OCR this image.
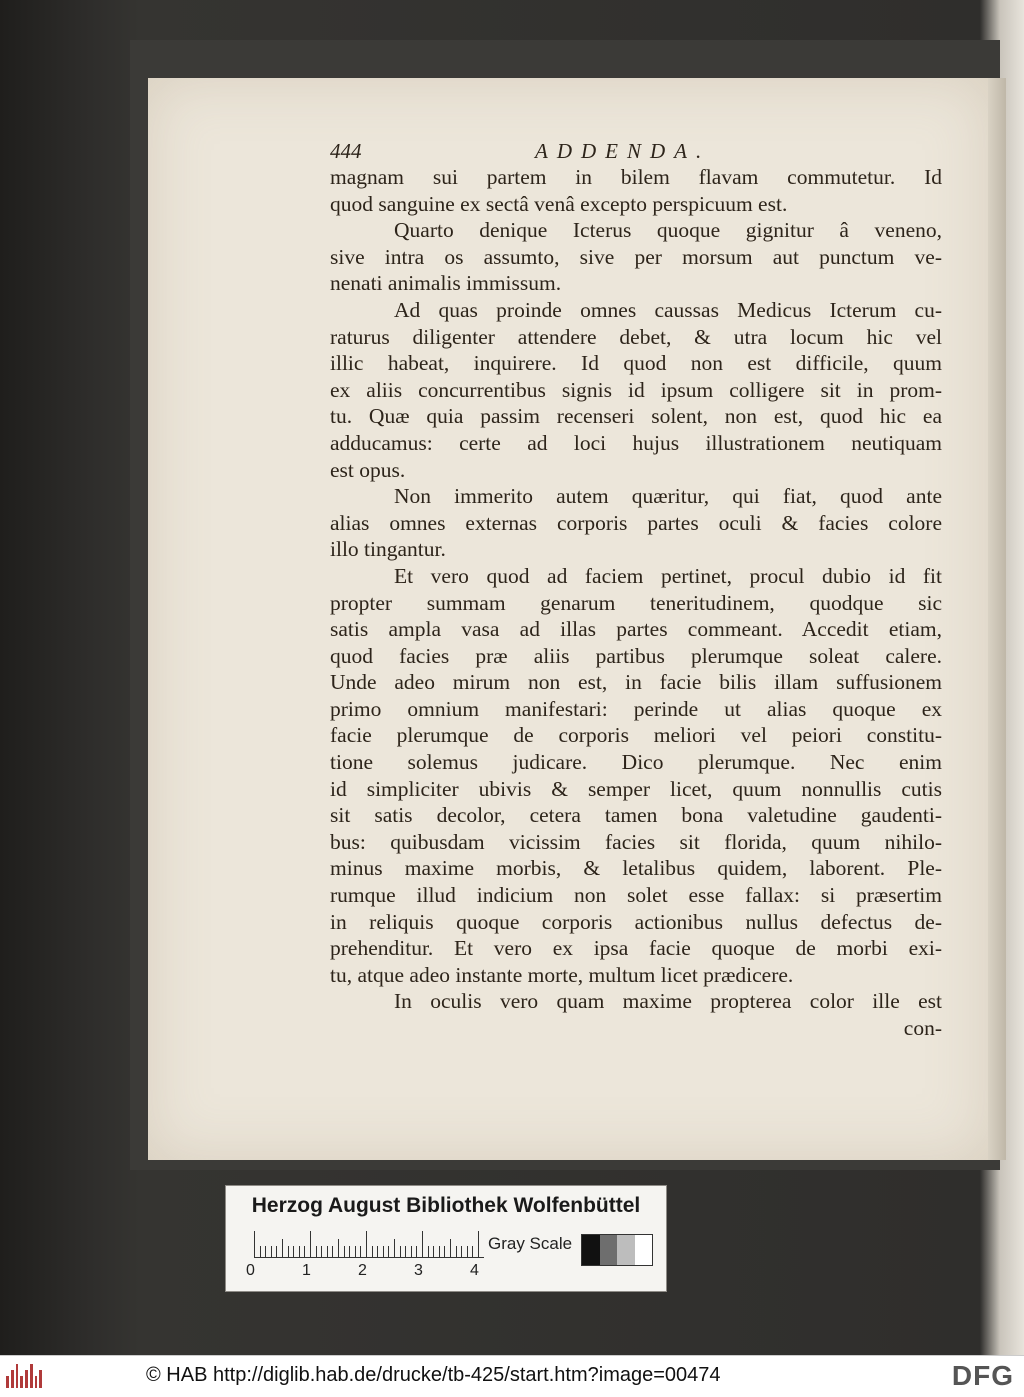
444	ADDENDA.
magnam sui partem in bilem flavam commutetur. Id
quod sanguine ex sectâ venâ excepto perspicuum est.
Quarto denique Icterus quoque gignitur â veneno,
sive intra os assumto, sive per morsum aut punctum ve-
nenati animalis immissum.
Ad quas proinde omnes caussas Medicus Icterum cu-
raturus diligenter attendere debet, & utra locum hic vel
illic habeat, inquirere. Id quod non est difficile, quum
ex aliis concurrentibus signis id ipsum colligere sit in prom-
tu. Quæ quia passim recenseri solent, non est, quod hic ea
adducamus: certe ad loci hujus illustrationem neutiquam
est opus.
Non immerito autem quæritur, qui fiat, quod ante
alias omnes externas corporis partes oculi & facies colore
illo tingantur.
Et vero quod ad faciem pertinet, procul dubio id fit
propter summam genarum teneritudinem, quodque sic
satis ampla vasa ad illas partes commeant. Accedit etiam,
quod facies præ aliis partibus plerumque soleat calere.
Unde adeo mirum non est, in facie bilis illam suffusionem
primo omnium manifestari: perinde ut alias quoque ex
facie plerumque de corporis meliori vel peiori constitu-
tione solemus judicare. Dico plerumque. Nec enim
id simpliciter ubivis & semper licet, quum nonnullis cutis
sit satis decolor, cetera tamen bona valetudine gaudenti-
bus: quibusdam vicissim facies sit florida, quum nihilo-
minus maxime morbis, & letalibus quidem, laborent. Ple-
rumque illud indicium non solet esse fallax: si præsertim
in reliquis quoque corporis actionibus nullus defectus de-
prehenditur. Et vero ex ipsa facie quoque de morbi exi-
tu, atque adeo instante morte, multum licet prædicere.
In oculis vero quam maxime propterea color ille est
con-
Herzog August Bibliothek Wolfenbüttel
0	1	2	3	4
Gray Scale
© HAB http://diglib.hab.de/drucke/tb-425/start.htm?image=00474	DFG
